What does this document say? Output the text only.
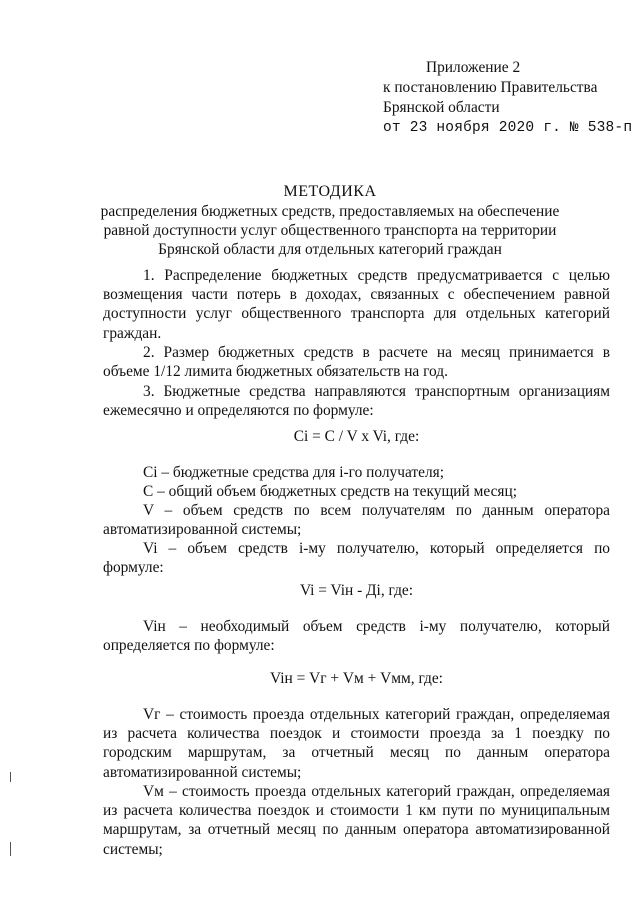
Приложение 2
к постановлению Правительства
Брянской области
от 23 ноября 2020 г. № 538-п
МЕТОДИКА
распределения бюджетных средств, предоставляемых на обеспечение равной доступности услуг общественного транспорта на территории Брянской области для отдельных категорий граждан
1. Распределение бюджетных средств предусматривается с целью возмещения части потерь в доходах, связанных с обеспечением равной доступности услуг общественного транспорта для отдельных категорий граждан.
2. Размер бюджетных средств в расчете на месяц принимается в объеме 1/12 лимита бюджетных обязательств на год.
3. Бюджетные средства направляются транспортным организациям ежемесячно и определяются по формуле:
Ci = C / V x Vi, где:
Ci – бюджетные средства для i-го получателя;
C – общий объем бюджетных средств на текущий месяц;
V – объем средств по всем получателям по данным оператора автоматизированной системы;
Vi – объем средств i-му получателю, который определяется по формуле:
Vi = Viн - Дi, где:
Viн – необходимый объем средств i-му получателю, который определяется по формуле:
Viн = Vг + Vм + Vмм, где:
Vг – стоимость проезда отдельных категорий граждан, определяемая из расчета количества поездок и стоимости проезда за 1 поездку по городским маршрутам, за отчетный месяц по данным оператора автоматизированной системы;
Vм – стоимость проезда отдельных категорий граждан, определяемая из расчета количества поездок и стоимости 1 км пути по муниципальным маршрутам, за отчетный месяц по данным оператора автоматизированной системы;
